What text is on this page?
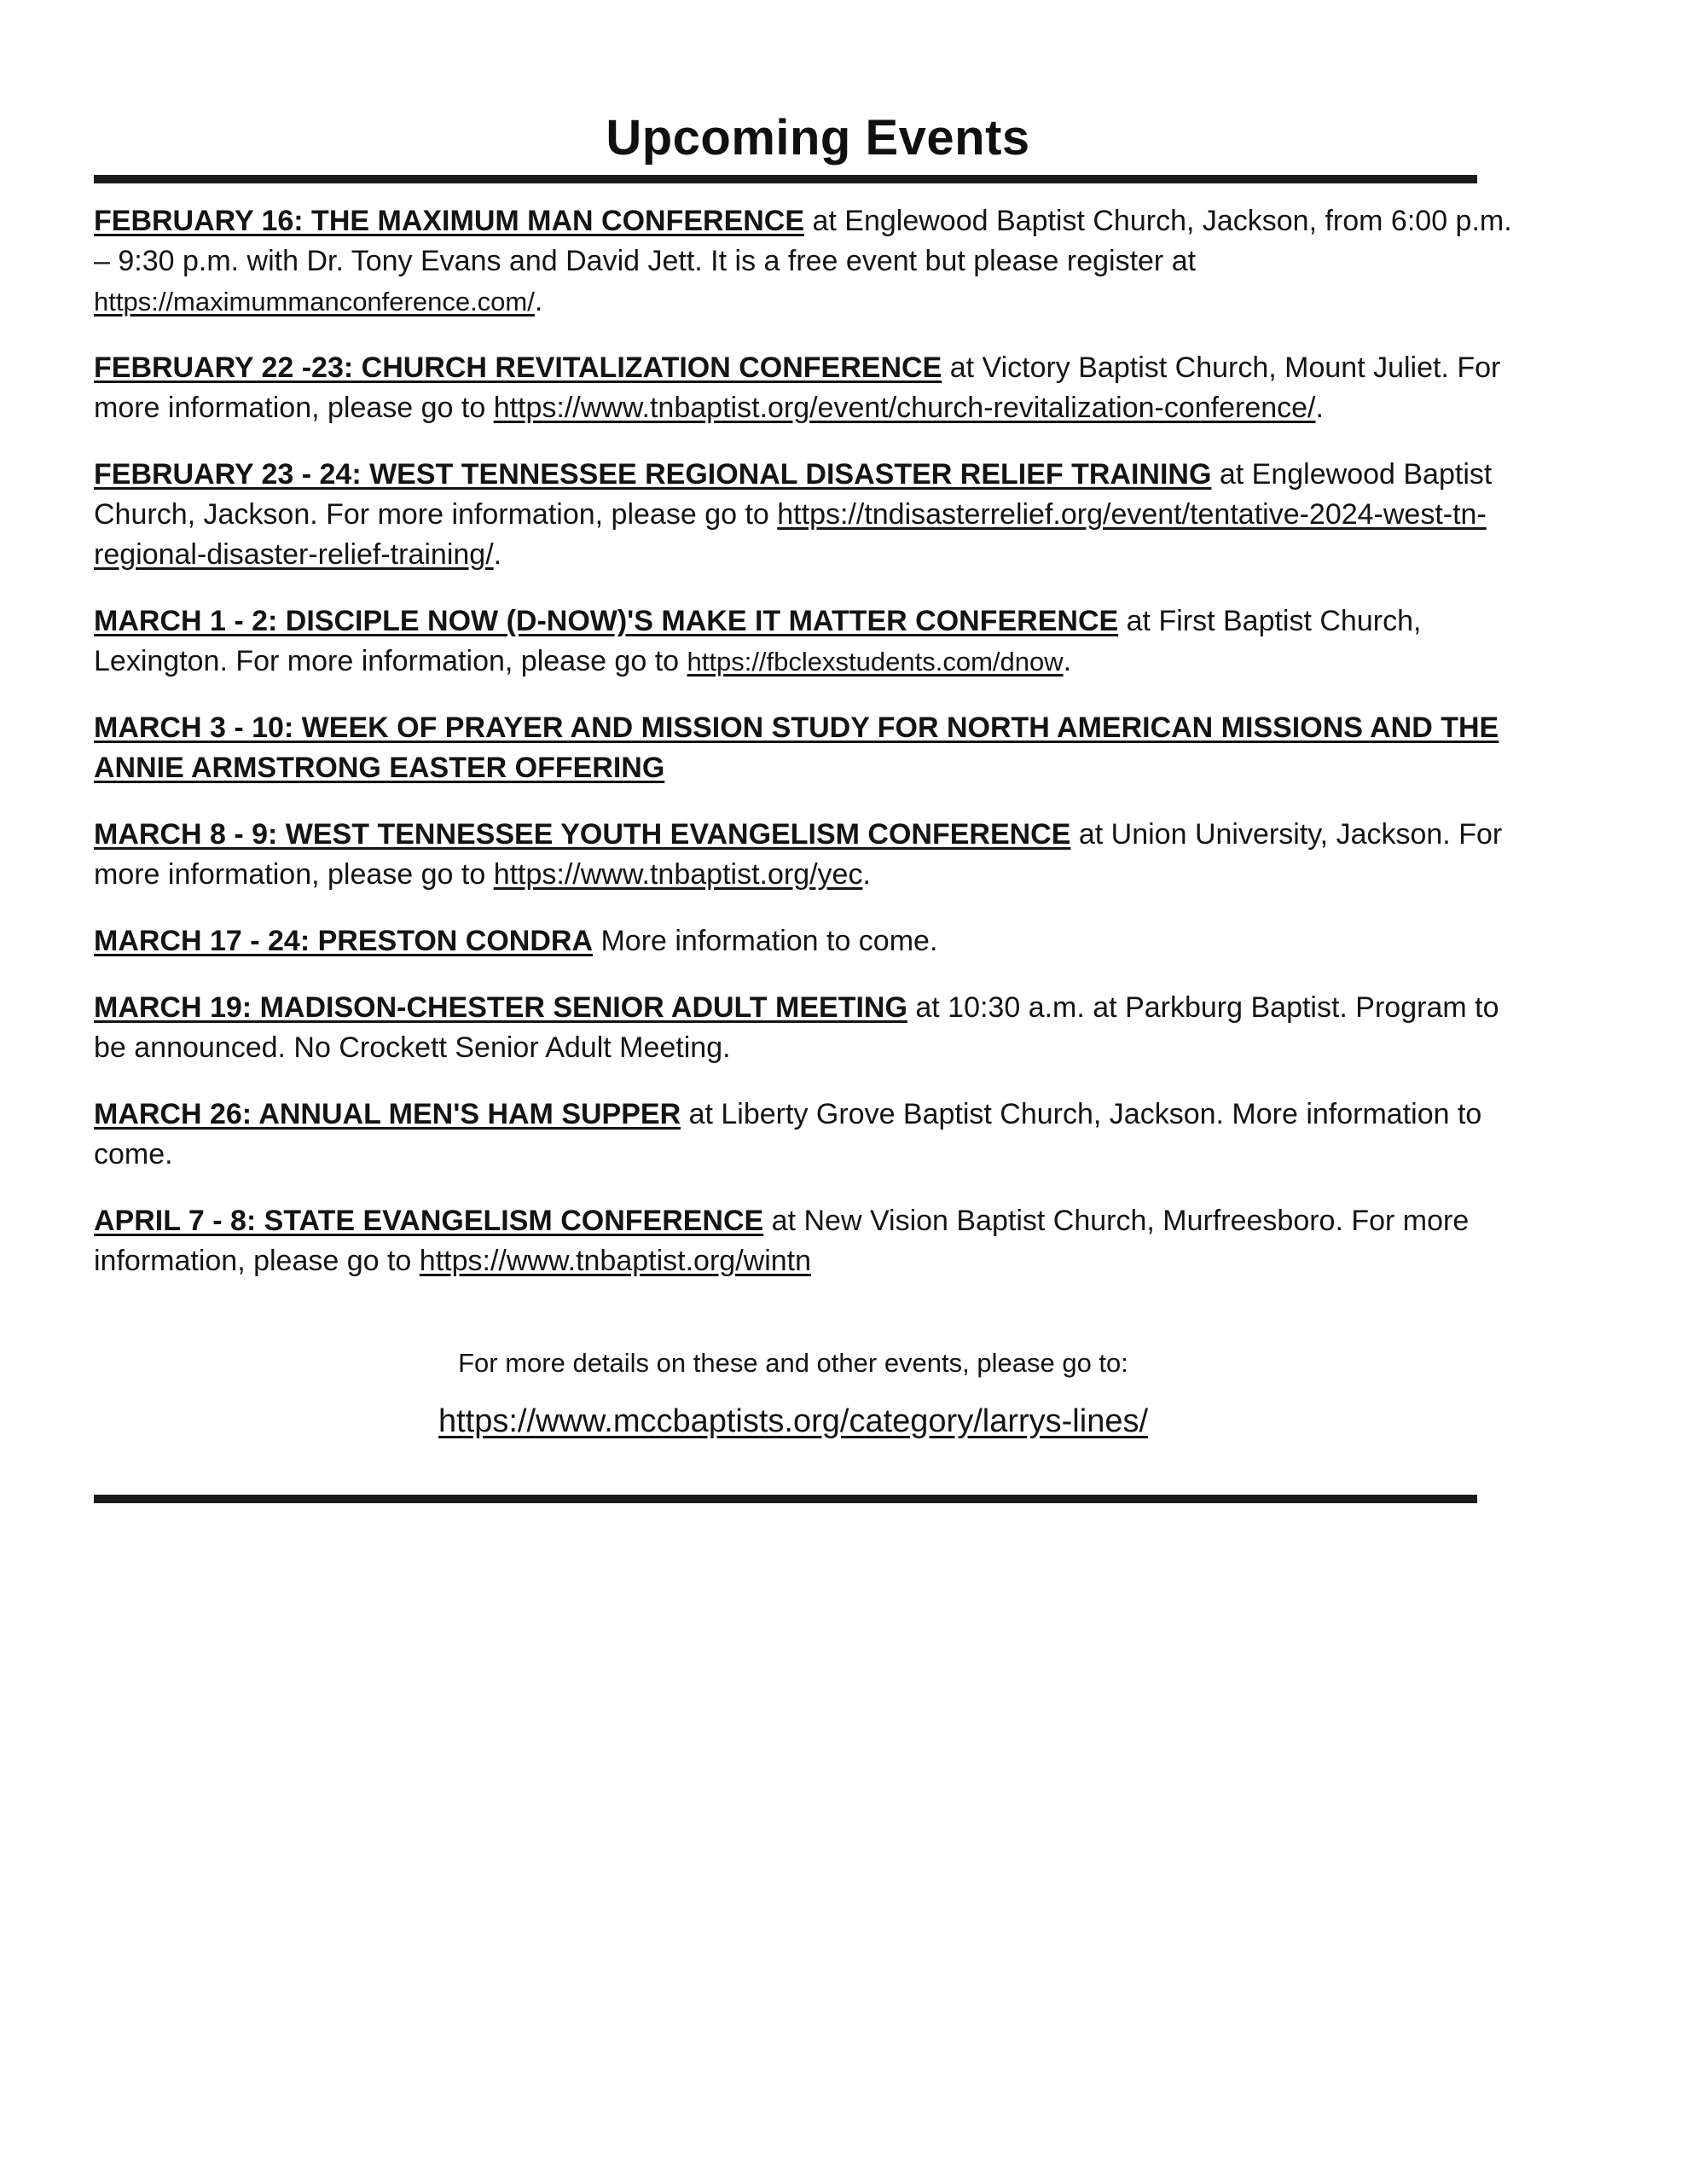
Upcoming Events

FEBRUARY 16: THE MAXIMUM MAN CONFERENCE at Englewood Baptist Church, Jackson, from 6:00 p.m. – 9:30 p.m. with Dr. Tony Evans and David Jett. It is a free event but please register at https://maximummanconference.com/.

FEBRUARY 22 -23: CHURCH REVITALIZATION CONFERENCE at Victory Baptist Church, Mount Juliet. For more information, please go to https://www.tnbaptist.org/event/church-revitalization-conference/.

FEBRUARY 23 - 24: WEST TENNESSEE REGIONAL DISASTER RELIEF TRAINING at Englewood Baptist Church, Jackson. For more information, please go to https://tndisasterrelief.org/event/tentative-2024-west-tn-regional-disaster-relief-training/.

MARCH 1 - 2: DISCIPLE NOW (D-NOW)'S MAKE IT MATTER CONFERENCE at First Baptist Church, Lexington. For more information, please go to https://fbclexstudents.com/dnow.

MARCH 3 - 10: WEEK OF PRAYER AND MISSION STUDY FOR NORTH AMERICAN MISSIONS AND THE ANNIE ARMSTRONG EASTER OFFERING

MARCH 8 - 9: WEST TENNESSEE YOUTH EVANGELISM CONFERENCE at Union University, Jackson. For more information, please go to https://www.tnbaptist.org/yec.

MARCH 17 - 24: PRESTON CONDRA More information to come.

MARCH 19: MADISON-CHESTER SENIOR ADULT MEETING at 10:30 a.m. at Parkburg Baptist. Program to be announced. No Crockett Senior Adult Meeting.

MARCH 26: ANNUAL MEN'S HAM SUPPER at Liberty Grove Baptist Church, Jackson. More information to come.

APRIL 7 - 8: STATE EVANGELISM CONFERENCE at New Vision Baptist Church, Murfreesboro. For more information, please go to https://www.tnbaptist.org/wintn

For more details on these and other events, please go to:
https://www.mccbaptists.org/category/larrys-lines/
